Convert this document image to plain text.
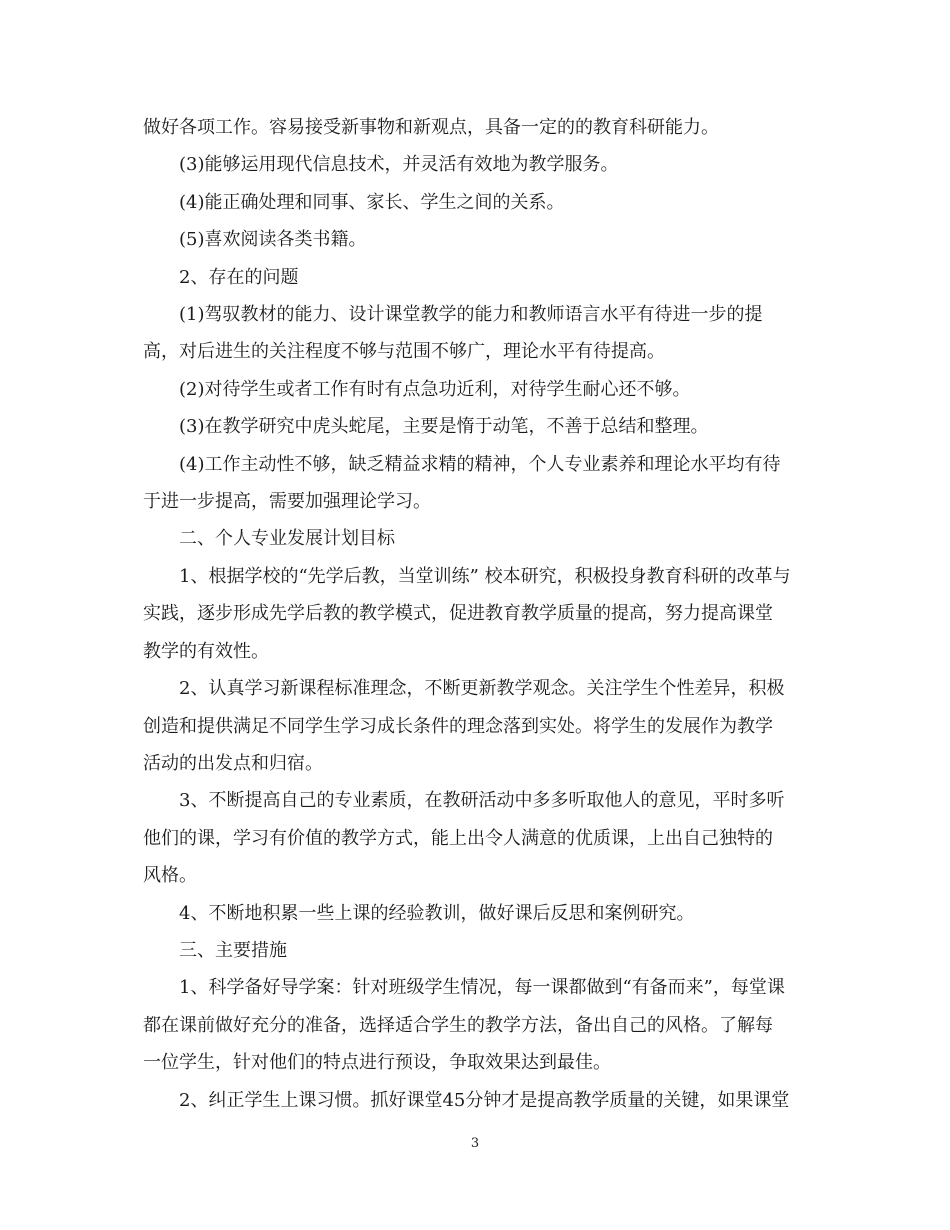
做好各项工作。容易接受新事物和新观点，具备一定的的教育科研能力。

(3)能够运用现代信息技术，并灵活有效地为教学服务。

(4)能正确处理和同事、家长、学生之间的关系。

(5)喜欢阅读各类书籍。

2、存在的问题

(1)驾驭教材的能力、设计课堂教学的能力和教师语言水平有待进一步的提
高，对后进生的关注程度不够与范围不够广，理论水平有待提高。

(2)对待学生或者工作有时有点急功近利，对待学生耐心还不够。

(3)在教学研究中虎头蛇尾，主要是惰于动笔，不善于总结和整理。

(4)工作主动性不够，缺乏精益求精的精神，个人专业素养和理论水平均有待
于进一步提高，需要加强理论学习。

二、个人专业发展计划目标

1、根据学校的“先学后教，当堂训练” 校本研究，积极投身教育科研的改革与
实践，逐步形成先学后教的教学模式，促进教育教学质量的提高，努力提高课堂
教学的有效性。

2、认真学习新课程标准理念，不断更新教学观念。关注学生个性差异，积极
创造和提供满足不同学生学习成长条件的理念落到实处。将学生的发展作为教学
活动的出发点和归宿。

3、不断提高自己的专业素质，在教研活动中多多听取他人的意见，平时多听
他们的课，学习有价值的教学方式，能上出令人满意的优质课，上出自己独特的
风格。

4、不断地积累一些上课的经验教训，做好课后反思和案例研究。

三、主要措施

1、科学备好导学案：针对班级学生情况，每一课都做到“有备而来”，每堂课
都在课前做好充分的准备，选择适合学生的教学方法，备出自己的风格。了解每
一位学生，针对他们的特点进行预设，争取效果达到最佳。

2、纠正学生上课习惯。抓好课堂45分钟才是提高教学质量的关键，如果课堂

3
